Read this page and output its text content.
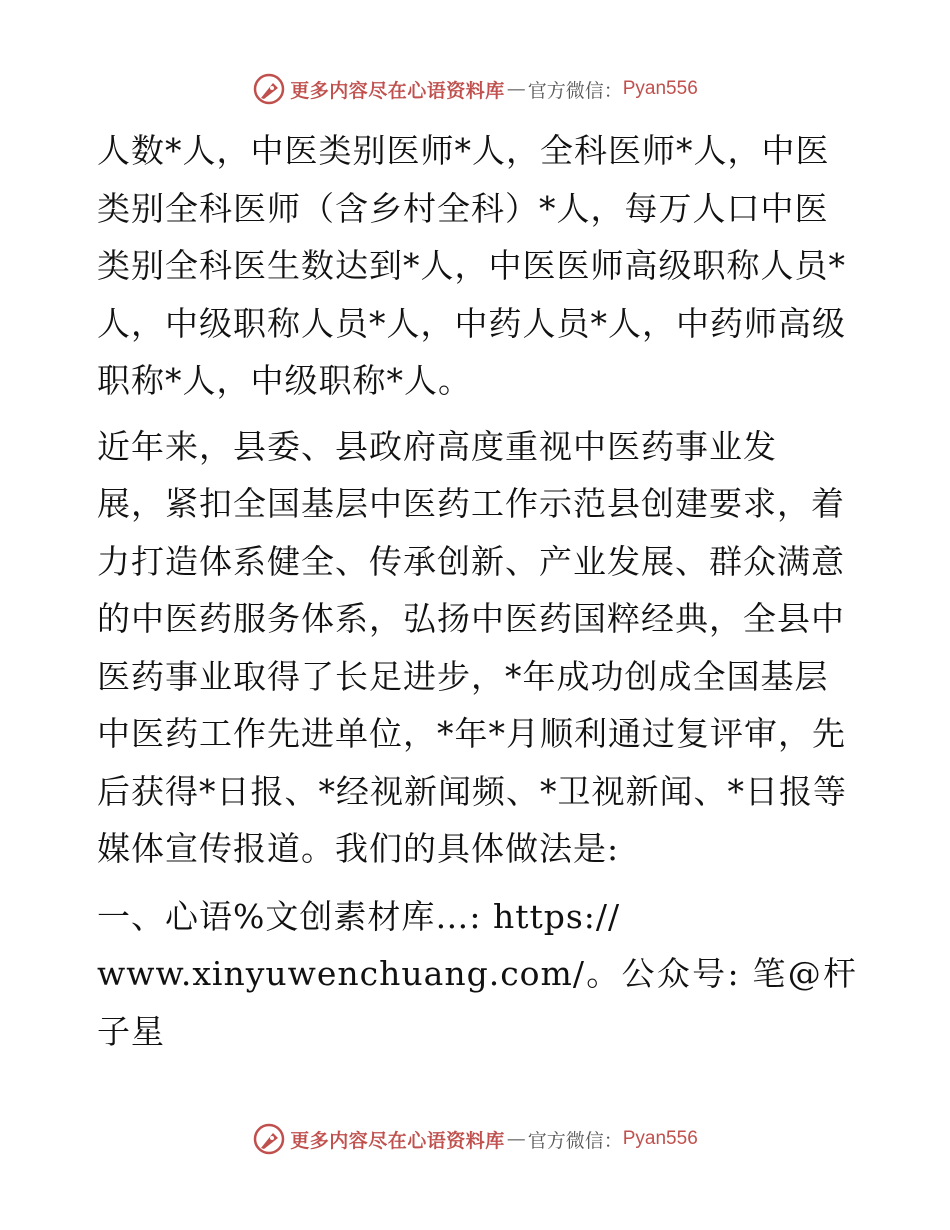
更多内容尽在心语资料库 — 官方微信： Pyan556
人数*人，中医类别医师*人，全科医师*人，中医
类别全科医师（含乡村全科）*人，每万人口中医
类别全科医生数达到*人，中医医师高级职称人员*
人，中级职称人员*人，中药人员*人，中药师高级
职称*人，中级职称*人。
近年来，县委、县政府高度重视中医药事业发
展，紧扣全国基层中医药工作示范县创建要求，着
力打造体系健全、传承创新、产业发展、群众满意
的中医药服务体系，弘扬中医药国粹经典，全县中
医药事业取得了长足进步，*年成功创成全国基层
中医药工作先进单位，*年*月顺利通过复评审，先
后获得*日报、*经视新闻频、*卫视新闻、*日报等
媒体宣传报道。我们的具体做法是:
一、心语%文创素材库…: https://
www.xinyuwenchuang.com/。公众号: 笔@杆子星
更多内容尽在心语资料库 — 官方微信： Pyan556
